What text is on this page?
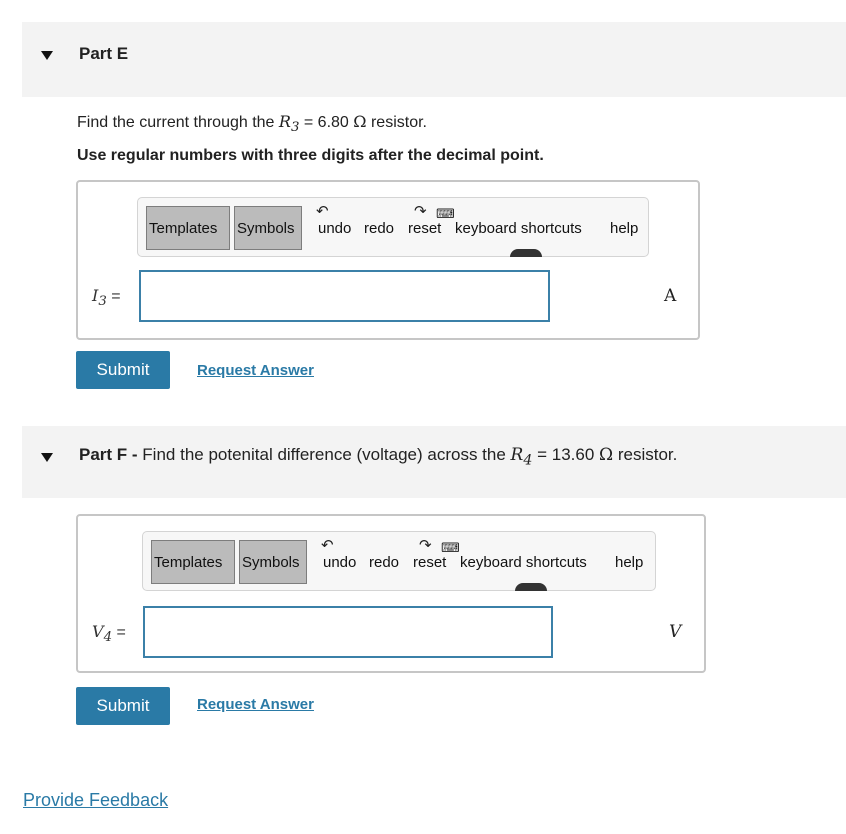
Part E
Find the current through the $R_3 = 6.80$ Ω resistor.
Use regular numbers with three digits after the decimal point.
Templates	Symbols
↶
undo
↷
redo
⌨
reset keyboard shortcuts help
$I_3$ =	A
Submit	Request Answer
Part F - Find the potenital difference (voltage) across the $R_4 = 13.60$ Ω resistor.
Templates	Symbols
↶
undo
↷
redo
⌨
reset keyboard shortcuts help
$V_4$ =	V
Submit	Request Answer
Provide Feedback
